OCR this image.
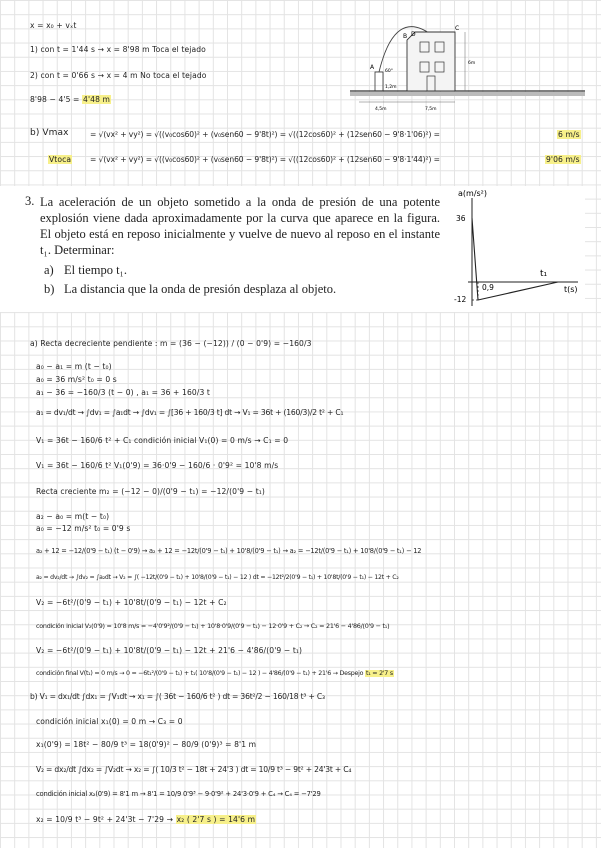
x = x₀ + vₓt
1) con t = 1'44 s → x = 8'98 m Toca el tejado
2) con t = 0'66 s → x = 4 m No toca el tejado
8'98 − 4'5 = 4'48 m
A
B
C
D
60°
1,2m
6m
4,5m	7,5m
b) Vmax	= √(vx² + vy²) = √((v₀cos60)² + (v₀sen60 − 9'8t)²) = √((12cos60)² + (12sen60 − 9'8·1'06)²) =	6 m/s
Vtoca = √(vx² + vy²) = √((v₀cos60)² + (v₀sen60 − 9'8t)²) = √((12cos60)² + (12sen60 − 9'8·1'44)²) =	9'06 m/s
3. La aceleración de un objeto sometido a la onda de presión de una potente explosión viene dada aproximadamente por la curva que aparece en la figura. El objeto está en reposo inicialmente y vuelve de nuevo al reposo en el instante t₁. Determinar:
a) El tiempo t₁.
b) La distancia que la onda de presión desplaza al objeto.
a(m/s²)
36
-12
0,9
t₁
t(s)
a) Recta decreciente pendiente : m = (36 − (−12)) / (0 − 0'9) = −160/3
a₀ − a₁ = m (t − t₀)
a₀ = 36 m/s² t₀ = 0 s
a₁ − 36 = −160/3 (t − 0) , a₁ = 36 + 160/3 t
a₁ = dv₁/dt → ∫dv₁ = ∫a₁dt → ∫dv₁ = ∫[36 + 160/3 t] dt → V₁ = 36t + (160/3)/2 t² + C₁
V₁ = 36t − 160/6 t² + C₁ condición inicial V₁(0) = 0 m/s → C₁ = 0
V₁ = 36t − 160/6 t² V₁(0'9) = 36·0'9 − 160/6 · 0'9² = 10'8 m/s
Recta creciente m₂ = (−12 − 0)/(0'9 − t₁) = −12/(0'9 − t₁)
a₂ − a₀ = m(t − t₀)
a₀ = −12 m/s² t₀ = 0'9 s
a₂ + 12 = −12/(0'9 − t₁) (t − 0'9) → a₂ + 12 = −12t/(0'9 − t₁) + 10'8/(0'9 − t₁) → a₂ = −12t/(0'9 − t₁) + 10'8/(0'9 − t₁) − 12
a₂ = dv₂/dt → ∫dv₂ = ∫a₂dt → V₂ = ∫( −12t/(0'9 − t₁) + 10'8/(0'9 − t₁) − 12 ) dt = −12t²/2(0'9 − t₁) + 10'8t/(0'9 − t₁) − 12t + C₂
V₂ = −6t²/(0'9 − t₁) + 10'8t/(0'9 − t₁) − 12t + C₂
condición inicial V₂(0'9) = 10'8 m/s = −4'0'9²/(0'9 − t₁) + 10'8·0'9/(0'9 − t₁) − 12·0'9 + C₂ → C₂ = 21'6 − 4'86/(0'9 − t₁)
V₂ = −6t²/(0'9 − t₁) + 10'8t/(0'9 − t₁) − 12t + 21'6 − 4'86/(0'9 − t₁)
condición final V(t₁) = 0 m/s → 0 = −6t₁²/(0'9 − t₁) + t₁( 10'8/(0'9 − t₁) − 12 ) − 4'86/(0'9 − t₁) + 21'6 → Despejo t₁ = 2'7 s
b) V₁ = dx₁/dt ∫dx₁ = ∫V₁dt → x₁ = ∫( 36t − 160/6 t² ) dt = 36t²/2 − 160/18 t³ + C₃
condición inicial x₁(0) = 0 m → C₃ = 0
x₁(0'9) = 18t² − 80/9 t³ = 18(0'9)² − 80/9 (0'9)³ = 8'1 m
V₂ = dx₂/dt ∫dx₂ = ∫V₂dt → x₂ = ∫( 10/3 t² − 18t + 24'3 ) dt = 10/9 t³ − 9t² + 24'3t + C₄
condición inicial x₂(0'9) = 8'1 m → 8'1 = 10/9 0'9³ − 9·0'9² + 24'3·0'9 + C₄ → C₄ = −7'29
x₂ = 10/9 t³ − 9t² + 24'3t − 7'29 → x₂ ( 2'7 s ) = 14'6 m
